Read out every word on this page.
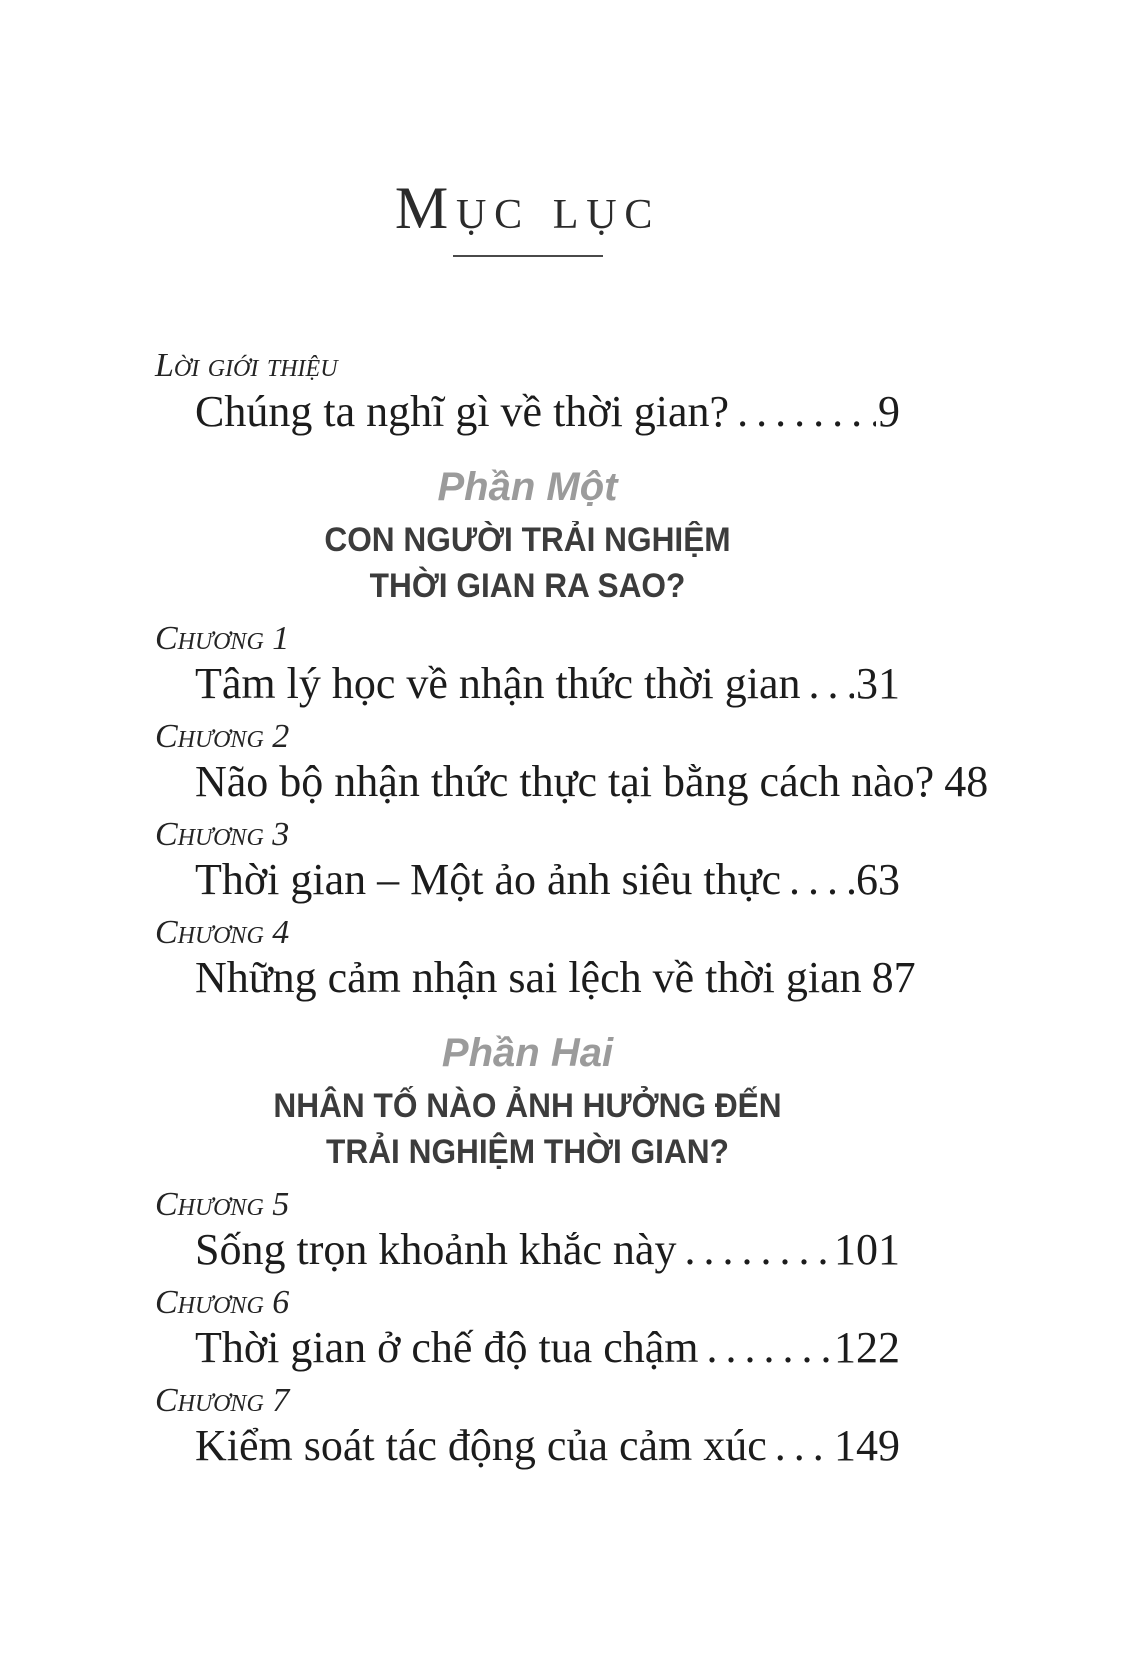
Mục lục
Lời giới thiệu
Chúng ta nghĩ gì về thời gian? .....	9
Phần Một
CON NGƯỜI TRẢI NGHIỆM
THỜI GIAN RA SAO?
Chương 1
Tâm lý học về nhận thức thời gian ..... 31
Chương 2
Não bộ nhận thức thực tại bằng cách nào? 48
Chương 3
Thời gian – Một ảo ảnh siêu thực ..... 63
Chương 4
Những cảm nhận sai lệch về thời gian 87
Phần Hai
NHÂN TỐ NÀO ẢNH HƯỞNG ĐẾN
TRẢI NGHIỆM THỜI GIAN?
Chương 5
Sống trọn khoảnh khắc này .....	101
Chương 6
Thời gian ở chế độ tua chậm .....	122
Chương 7
Kiểm soát tác động của cảm xúc ..... 149
